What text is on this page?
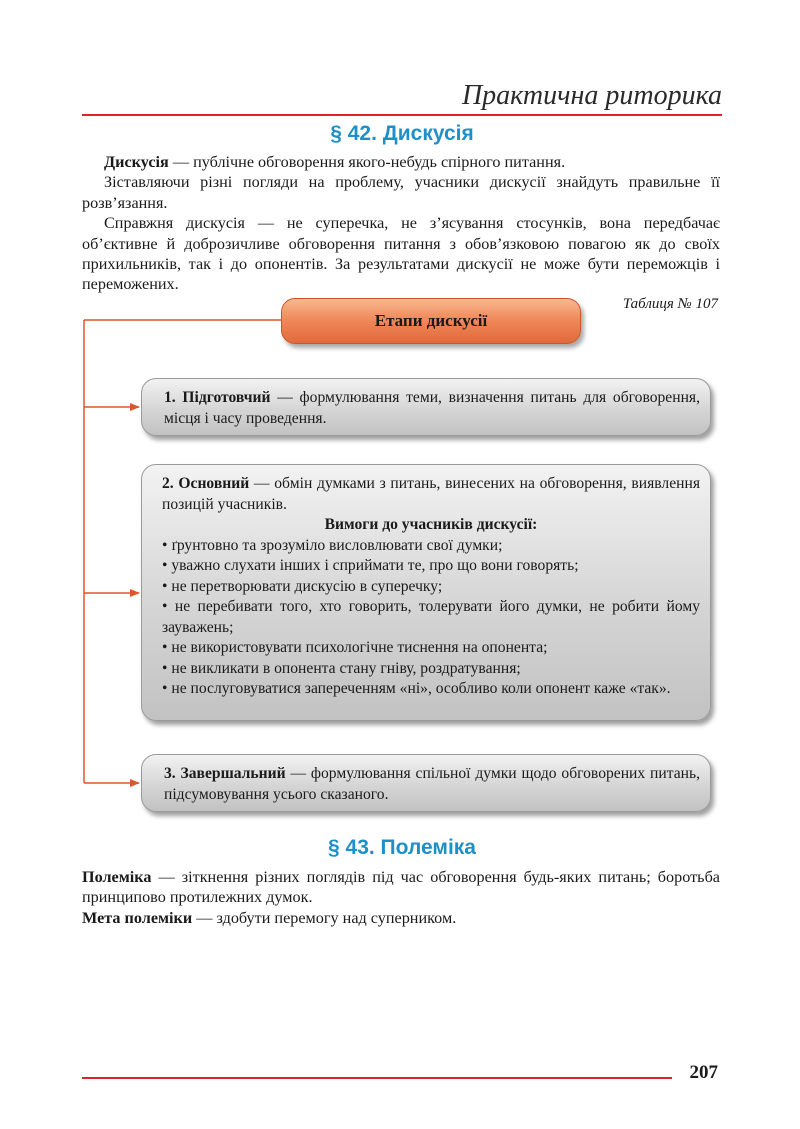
Практична риторика
§ 42. Дискусія

Дискусія — публічне обговорення якого-небудь спірного питання.

Зіставляючи різні погляди на проблему, учасники дискусії знайдуть правильне її розв’язання.

Справжня дискусія — не суперечка, не з’ясування стосунків, вона передбачає об’єктивне й доброзичливе обговорення питання з обов’язковою повагою як до своїх прихильників, так і до опонентів. За результатами дискусії не може бути переможців і переможених.

Таблиця № 107
Етапи дискусії
1. Підготовчий — формулювання теми, визначення питань для обговорення, місця і часу проведення.
2. Основний — обмін думками з питань, винесених на обговорення, виявлення позицій учасників.
Вимоги до учасників дискусії:
• ґрунтовно та зрозуміло висловлювати свої думки;
• уважно слухати інших і сприймати те, про що вони говорять;
• не перетворювати дискусію в суперечку;
• не перебивати того, хто говорить, толерувати його думки, не робити йому зауважень;
• не використовувати психологічне тиснення на опонента;
• не викликати в опонента стану гніву, роздратування;
• не послуговуватися запереченням «ні», особливо коли опонент каже «так».
3. Завершальний — формулювання спільної думки щодо обговорених питань, підсумовування усього сказаного.
§ 43. Полеміка

Полеміка — зіткнення різних поглядів під час обговорення будь-яких питань; боротьба принципово протилежних думок.

Мета полеміки — здобути перемогу над суперником.

207
